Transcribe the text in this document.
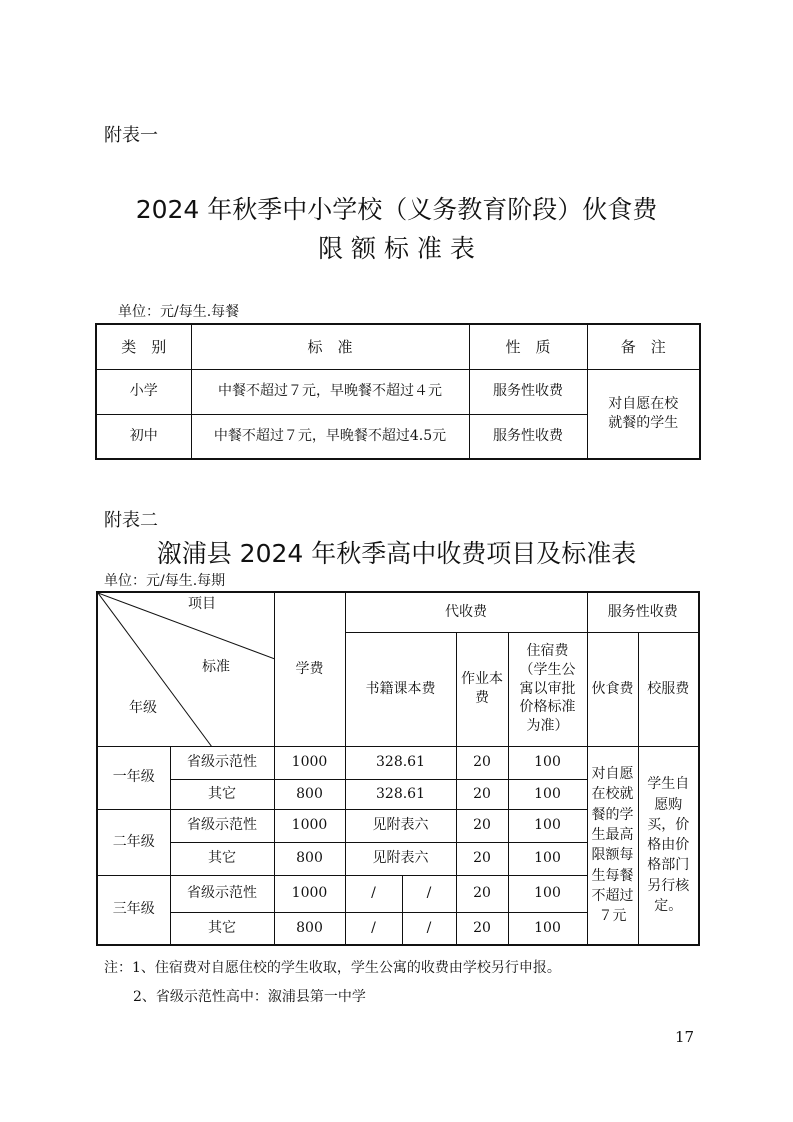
附表一
2024 年秋季中小学校（义务教育阶段）伙食费
限 额 标 准 表
单位：元/每生.每餐
类　别	标　准	性　质	备　注
小学	中餐不超过７元，早晚餐不超过４元	服务性收费	对自愿在校就餐的学生
初中	中餐不超过７元，早晚餐不超过4.5元	服务性收费	
附表二
溆浦县 2024 年秋季高中收费项目及标准表
单位：元/每生.每期
项目
标准
年级		学费	代收费				服务性收费	
			书籍课本费		作业本费	住宿费（学生公寓以审批价格标准为准）	伙食费	校服费

一年级	省级示范性	1000	328.61		20	100	对自愿在校就餐的学生最高限额每生每餐不超过７元	学生自愿购买，价格由价格部门另行核定。
	其它	800	328.61		20	100		
二年级	省级示范性	1000	见附表六		20	100		
	其它	800	见附表六		20	100		
三年级	省级示范性	1000	/	/	20	100		
	其它	800	/	/	20	100		
注：1、住宿费对自愿住校的学生收取，学生公寓的收费由学校另行申报。
2、省级示范性高中：溆浦县第一中学
17
